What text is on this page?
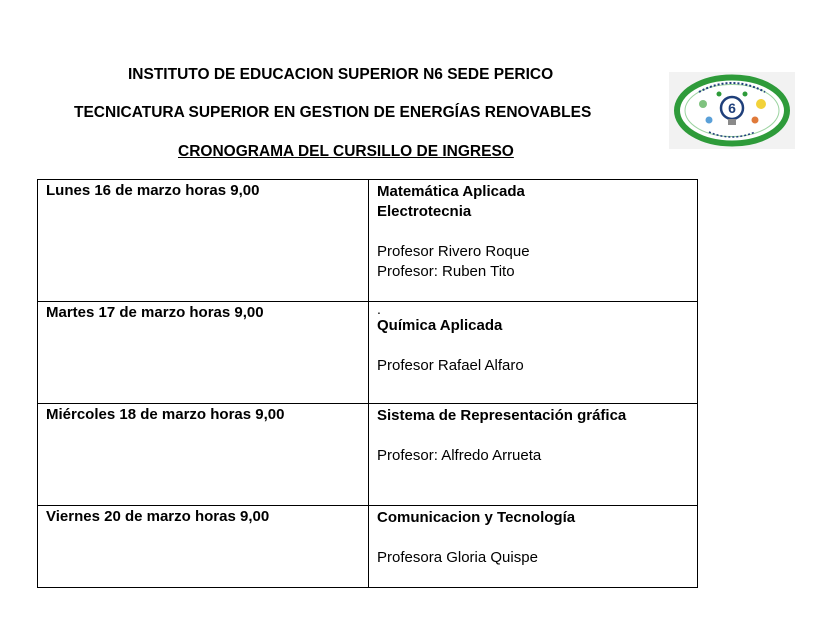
INSTITUTO DE EDUCACION SUPERIOR N6 SEDE PERICO
TECNICATURA SUPERIOR EN GESTION DE ENERGÍAS RENOVABLES
CRONOGRAMA DEL CURSILLO DE INGRESO
6
Lunes 16 de marzo horas 9,00	Matemática Aplicada
Electrotecnia
Profesor Rivero Roque
Profesor: Ruben Tito

Martes 17 de marzo horas 9,00	.
Química Aplicada
Profesor Rafael Alfaro

Miércoles 18 de marzo horas 9,00	Sistema de Representación gráfica
Profesor: Alfredo Arrueta

Viernes 20 de marzo horas 9,00	Comunicacion y Tecnología
Profesora Gloria Quispe
